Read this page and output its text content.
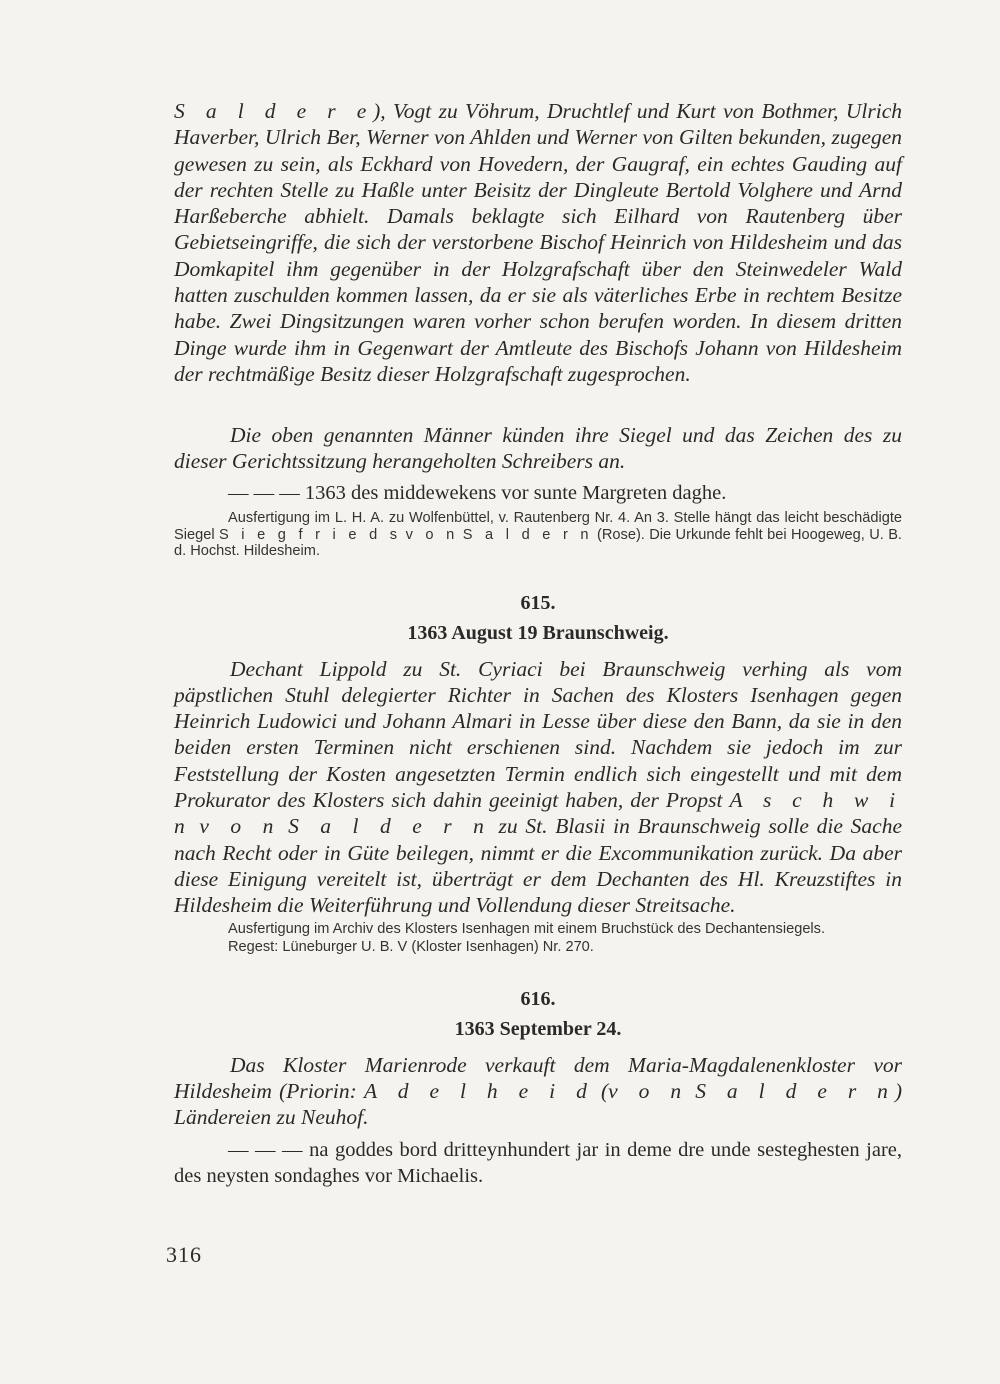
S a l d e r e), Vogt zu Vöhrum, Druchtlef und Kurt von Bothmer, Ulrich Haverber, Ulrich Ber, Werner von Ahlden und Werner von Gilten bekunden, zugegen gewesen zu sein, als Eckhard von Hovedern, der Gaugraf, ein echtes Gauding auf der rechten Stelle zu Haßle unter Beisitz der Dingleute Bertold Volghere und Arnd Harßeberche abhielt. Damals beklagte sich Eilhard von Rautenberg über Gebietseingriffe, die sich der verstorbene Bischof Heinrich von Hildesheim und das Domkapitel ihm gegenüber in der Holzgrafschaft über den Steinwedeler Wald hatten zuschulden kommen lassen, da er sie als väterliches Erbe in rechtem Besitze habe. Zwei Dingsitzungen waren vorher schon berufen worden. In diesem dritten Dinge wurde ihm in Gegenwart der Amtleute des Bischofs Johann von Hildesheim der rechtmäßige Besitz dieser Holzgrafschaft zugesprochen.

Die oben genannten Männer künden ihre Siegel und das Zeichen des zu dieser Gerichtssitzung herangeholten Schreibers an.

— — — 1363 des middewekens vor sunte Margreten daghe.

Ausfertigung im L. H. A. zu Wolfenbüttel, v. Rautenberg Nr. 4. An 3. Stelle hängt das leicht beschädigte Siegel S i e g f r i e d s v o n S a l d e r n (Rose). Die Urkunde fehlt bei Hoogeweg, U. B. d. Hochst. Hildesheim.

615.

1363 August 19 Braunschweig.

Dechant Lippold zu St. Cyriaci bei Braunschweig verhing als vom päpstlichen Stuhl delegierter Richter in Sachen des Klosters Isenhagen gegen Heinrich Ludowici und Johann Almari in Lesse über diese den Bann, da sie in den beiden ersten Terminen nicht erschienen sind. Nachdem sie jedoch im zur Feststellung der Kosten angesetzten Termin endlich sich eingestellt und mit dem Prokurator des Klosters sich dahin geeinigt haben, der Propst A s c h w i n v o n S a l d e r n zu St. Blasii in Braunschweig solle die Sache nach Recht oder in Güte beilegen, nimmt er die Excommunikation zurück. Da aber diese Einigung vereitelt ist, überträgt er dem Dechanten des Hl. Kreuzstiftes in Hildesheim die Weiterführung und Vollendung dieser Streitsache.

Ausfertigung im Archiv des Klosters Isenhagen mit einem Bruchstück des Dechantensiegels.

Regest: Lüneburger U. B. V (Kloster Isenhagen) Nr. 270.

616.

1363 September 24.

Das Kloster Marienrode verkauft dem Maria-Magdalenenkloster vor Hildesheim (Priorin: A d e l h e i d (v o n S a l d e r n) Ländereien zu Neuhof.

— — — na goddes bord dritteynhundert jar in deme dre unde sesteghesten jare, des neysten sondaghes vor Michaelis.

316
